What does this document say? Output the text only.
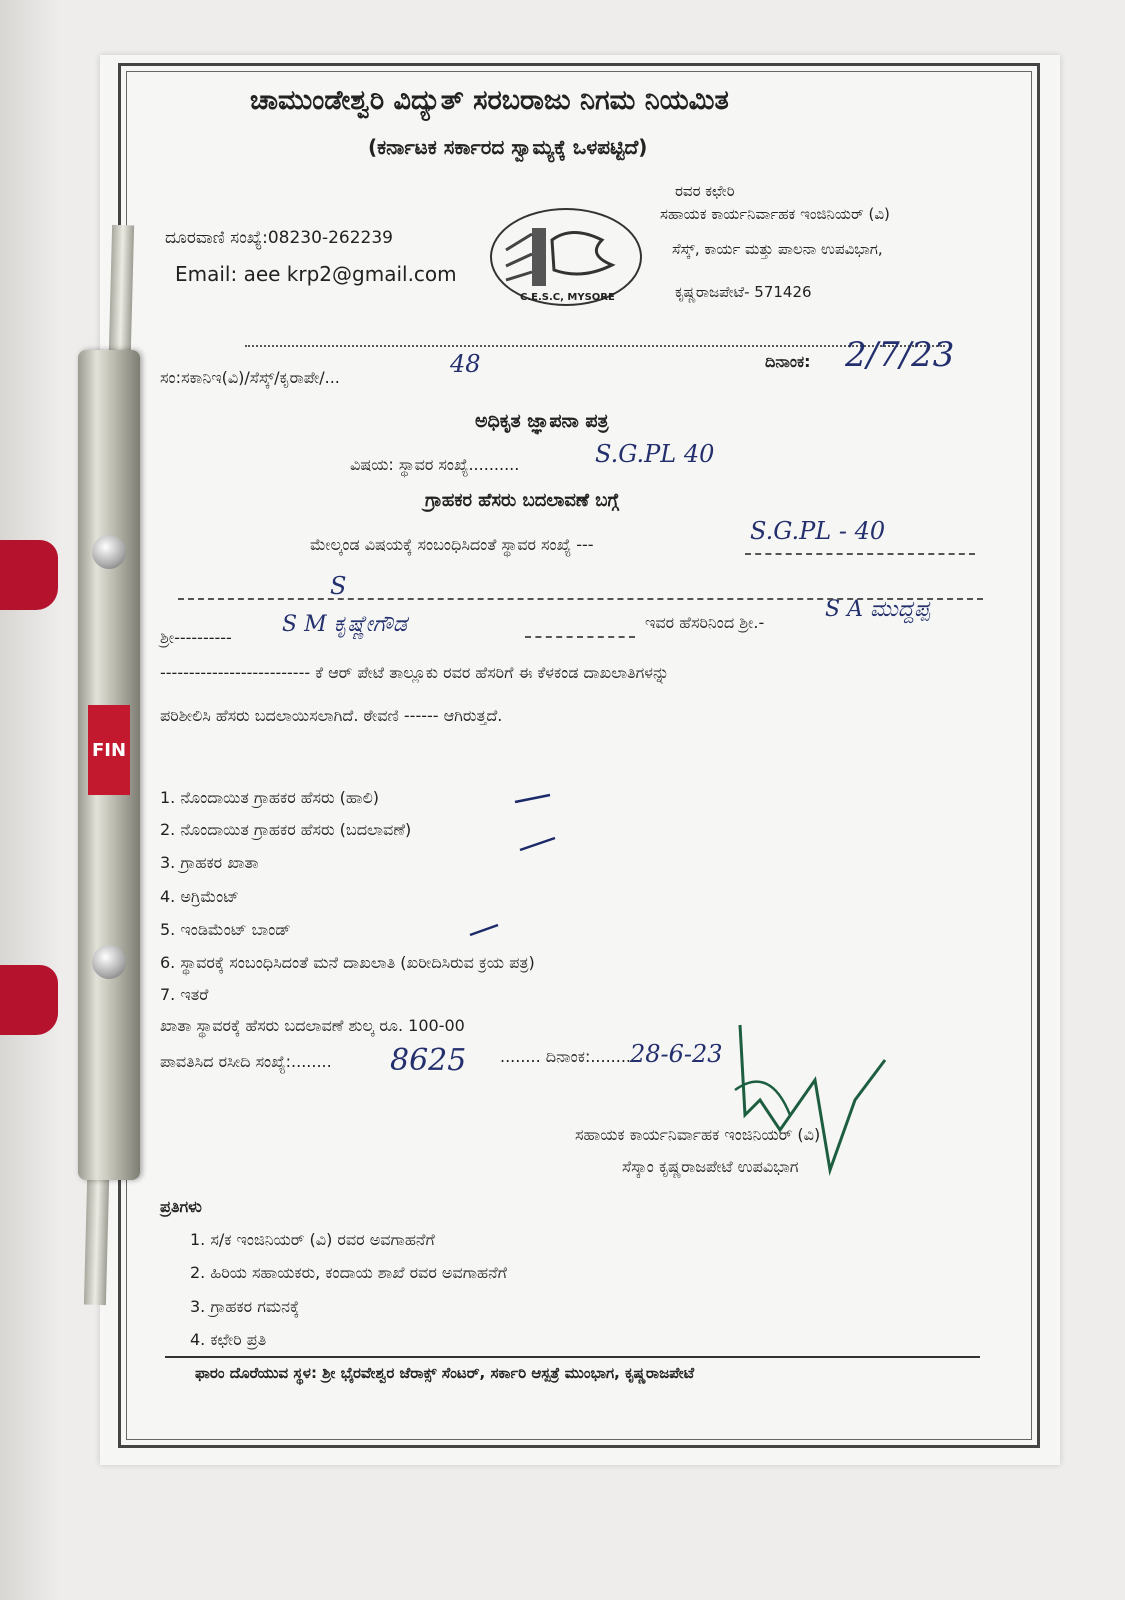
ಚಾಮುಂಡೇಶ್ವರಿ ವಿದ್ಯುತ್ ಸರಬರಾಜು ನಿಗಮ ನಿಯಮಿತ
(ಕರ್ನಾಟಕ ಸರ್ಕಾರದ ಸ್ವಾಮ್ಯಕ್ಕೆ ಒಳಪಟ್ಟಿದೆ)
ರವರ ಕಛೇರಿ
ಸಹಾಯಕ ಕಾರ್ಯನಿರ್ವಾಹಕ ಇಂಜಿನಿಯರ್ (ವಿ)
ಸೆಸ್ಕ್, ಕಾರ್ಯ ಮತ್ತು ಪಾಲನಾ ಉಪವಿಭಾಗ,
ಕೃಷ್ಣರಾಜಪೇಟೆ- 571426
ದೂರವಾಣಿ ಸಂಖ್ಯೆ:08230-262239
Email: aee krp2@gmail.com
C.E.S.C, MYSORE
ಸಂ:ಸಕಾನಿಇ(ವಿ)/ಸೆಸ್ಕ್/ಕೃರಾಪೇ/...	48	ದಿನಾಂಕ: 2/7/23
ಅಧಿಕೃತ ಜ್ಞಾಪನಾ ಪತ್ರ
ವಿಷಯ: ಸ್ಥಾವರ ಸಂಖ್ಯೆ..........	S.G.PL 40
ಗ್ರಾಹಕರ ಹೆಸರು ಬದಲಾವಣೆ ಬಗ್ಗೆ
ಮೇಲ್ಕಂಡ ವಿಷಯಕ್ಕೆ ಸಂಬಂಧಿಸಿದಂತೆ ಸ್ಥಾವರ ಸಂಖ್ಯೆ ---	S.G.PL - 40
S
ಶ್ರೀ----------
S M ಕೃಷ್ಣೇಗೌಡ	ಇವರ ಹೆಸರಿನಿಂದ ಶ್ರೀ.-
S A ಮುದ್ದಪ್ಪ
-------------------------- ಕೆ ಆರ್ ಪೇಟೆ ತಾಲ್ಲೂಕು ರವರ ಹೆಸರಿಗೆ ಈ ಕೆಳಕಂಡ ದಾಖಲಾತಿಗಳನ್ನು
ಪರಿಶೀಲಿಸಿ ಹೆಸರು ಬದಲಾಯಿಸಲಾಗಿದೆ. ಠೇವಣಿ ------ ಆಗಿರುತ್ತದೆ.
1. ನೊಂದಾಯಿತ ಗ್ರಾಹಕರ ಹೆಸರು (ಹಾಲಿ)
2. ನೊಂದಾಯಿತ ಗ್ರಾಹಕರ ಹೆಸರು (ಬದಲಾವಣೆ)
3. ಗ್ರಾಹಕರ ಖಾತಾ
4. ಅಗ್ರಿಮೆಂಟ್
5. ಇಂಡಿಮೆಂಟ್ ಬಾಂಡ್
6. ಸ್ಥಾವರಕ್ಕೆ ಸಂಬಂಧಿಸಿದಂತೆ ಮನೆ ದಾಖಲಾತಿ (ಖರೀದಿಸಿರುವ ಕ್ರಯ ಪತ್ರ)
7. ಇತರೆ
ಖಾತಾ ಸ್ಥಾವರಕ್ಕೆ ಹೆಸರು ಬದಲಾವಣೆ ಶುಲ್ಕ ರೂ. 100-00
ಪಾವತಿಸಿದ ರಸೀದಿ ಸಂಖ್ಯೆ:........ 8625 ........ ದಿನಾಂಕ:........
28-6-23
ಸಹಾಯಕ ಕಾರ್ಯನಿರ್ವಾಹಕ ಇಂಜಿನಿಯರ್ (ವಿ)
ಸೆಸ್ಕಾಂ ಕೃಷ್ಣರಾಜಪೇಟೆ ಉಪವಿಭಾಗ
ಪ್ರತಿಗಳು
1. ಸ/ಕ ಇಂಜಿನಿಯರ್ (ವಿ) ರವರ ಅವಗಾಹನೆಗೆ
2. ಹಿರಿಯ ಸಹಾಯಕರು, ಕಂದಾಯ ಶಾಖೆ ರವರ ಅವಗಾಹನೆಗೆ
3. ಗ್ರಾಹಕರ ಗಮನಕ್ಕೆ
4. ಕಛೇರಿ ಪ್ರತಿ
ಫಾರಂ ದೊರೆಯುವ ಸ್ಥಳ: ಶ್ರೀ ಭೈರವೇಶ್ವರ ಜೆರಾಕ್ಸ್ ಸೆಂಟರ್, ಸರ್ಕಾರಿ ಆಸ್ಪತ್ರೆ ಮುಂಭಾಗ, ಕೃಷ್ಣರಾಜಪೇಟೆ
FIN
